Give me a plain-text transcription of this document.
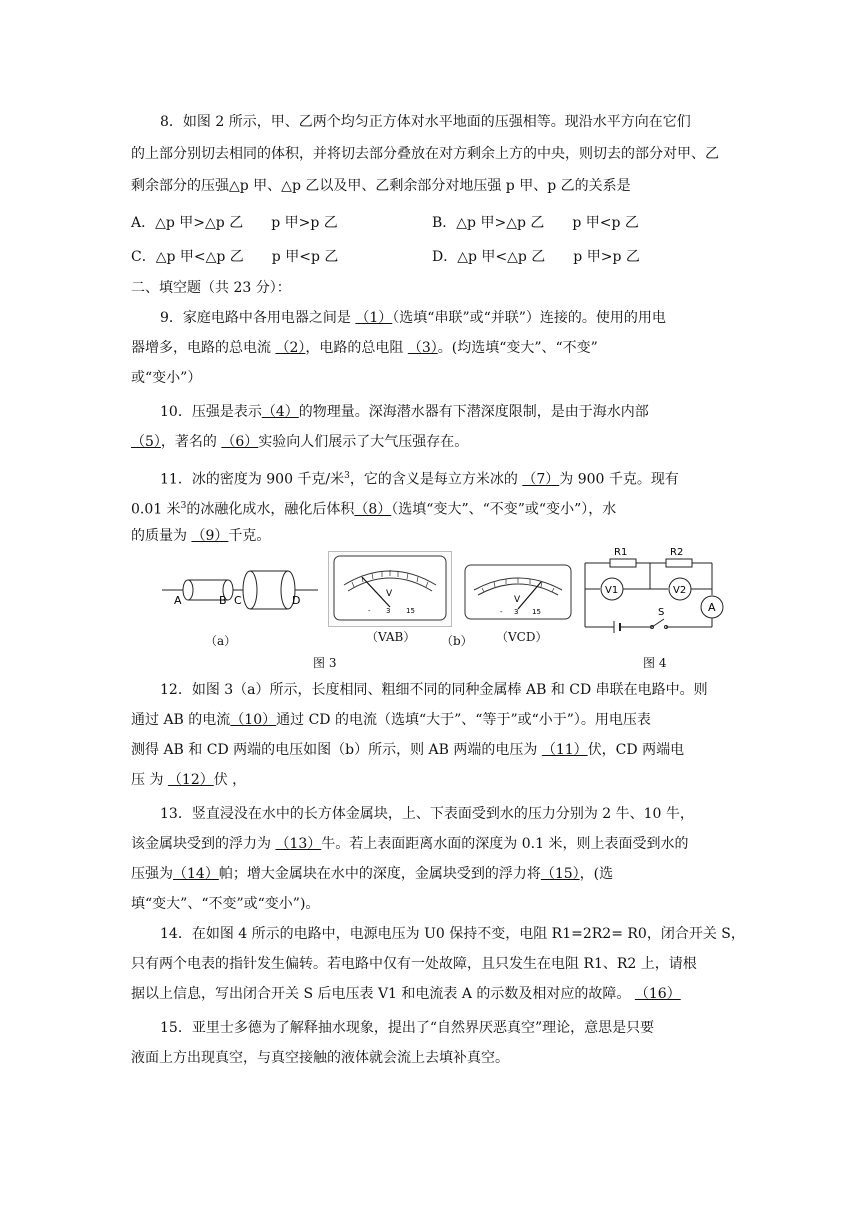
8．如图 2 所示，甲、乙两个均匀正方体对水平地面的压强相等。现沿水平方向在它们
的上部分别切去相同的体积，并将切去部分叠放在对方剩余上方的中央，则切去的部分对甲、乙
剩余部分的压强△p 甲、△p 乙以及甲、乙剩余部分对地压强 p 甲、p 乙的关系是
A．△p 甲>△p 乙　　p 甲>p 乙	B．△p 甲>△p 乙　　p 甲<p 乙
C．△p 甲<△p 乙　　p 甲<p 乙	D．△p 甲<△p 乙　　p 甲>p 乙
二、填空题（共 23 分）：
9．家庭电路中各用电器之间是 （1）（选填“串联”或“并联”）连接的。使用的用电
器增多，电路的总电流 （2），电路的总电阻 （3）。(均选填“变大”、“不变”
或“变小”）
10．压强是表示（4）的物理量。深海潜水器有下潜深度限制，是由于海水内部
（5），著名的 （6）实验向人们展示了大气压强存在。
11．冰的密度为 900 千克/米$^3$，它的含义是每立方米冰的 （7）为 900 千克。现有
0.01 米$^3$的冰融化成水，融化后体积（8）（选填“变大”、“不变”或“变小”），水
的质量为 （9）千克。
A	B C	D
（a）
V
- 3 15
（VAB） （b）
V
- 3 15
（VCD）
图 3
R1	R2
V1	V2
A
S
图 4
12．如图 3（a）所示，长度相同、粗细不同的同种金属棒 AB 和 CD 串联在电路中。则
通过 AB 的电流（10）通过 CD 的电流（选填“大于”、“等于”或“小于”）。用电压表
测得 AB 和 CD 两端的电压如图（b）所示，则 AB 两端的电压为 （11）伏，CD 两端电
压 为 （12）伏 ，
13．竖直浸没在水中的长方体金属块，上、下表面受到水的压力分别为 2 牛、10 牛，
该金属块受到的浮力为 （13）牛。若上表面距离水面的深度为 0.1 米，则上表面受到水的
压强为（14）帕；增大金属块在水中的深度，金属块受到的浮力将（15），(选
填“变大”、“不变”或“变小”)。
14．在如图 4 所示的电路中，电源电压为 U0 保持不变，电阻 R1=2R2= R0，闭合开关 S，
只有两个电表的指针发生偏转。若电路中仅有一处故障，且只发生在电阻 R1、R2 上，请根
据以上信息，写出闭合开关 S 后电压表 V1 和电流表 A 的示数及相对应的故障。 （16）
15．亚里士多德为了解释抽水现象，提出了“自然界厌恶真空”理论，意思是只要
液面上方出现真空，与真空接触的液体就会流上去填补真空。
